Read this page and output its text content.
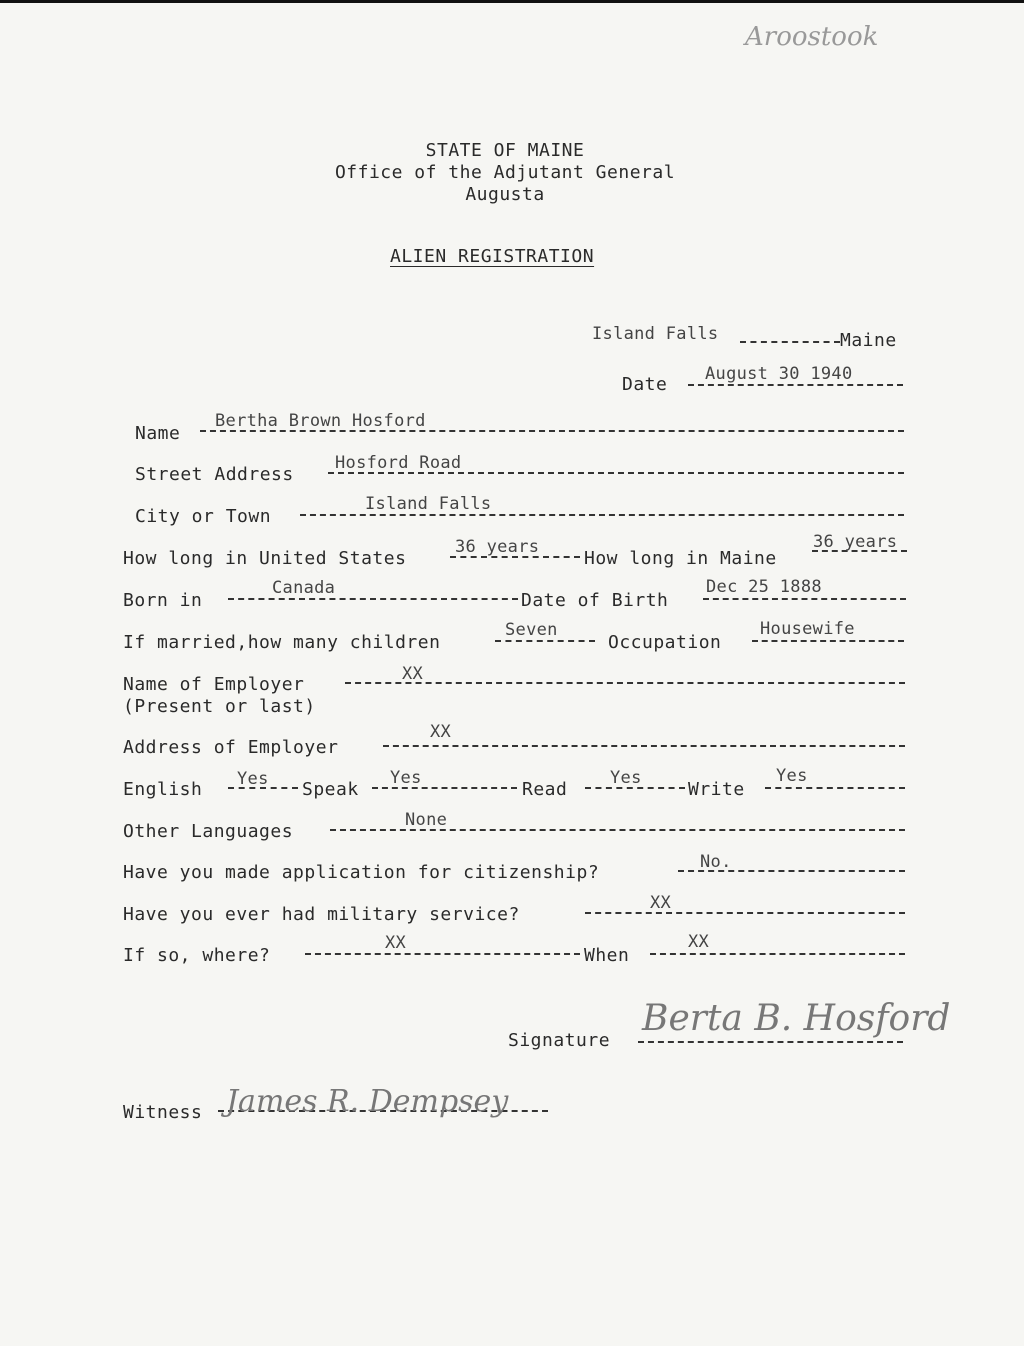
Aroostook
STATE OF MAINE
Office of the Adjutant General
Augusta
ALIEN REGISTRATION
Island Falls	Maine
Date August 30 1940
Name
Bertha Brown Hosford
Street Address
Hosford Road
City or Town
Island Falls
How long in United States
36 years
How long in Maine
36 years
Born in
Canada
Date of Birth
Dec 25 1888
If married,how many children
Seven
Occupation
Housewife
Name of Employer
(Present or last)
XX
Address of Employer
XX
English Yes Speak
Yes
Read
Yes
Write
Yes
Other Languages
None
Have you made application for citizenship?	No.
Have you ever had military service?
XX
If so, where?
XX
When
XX
Signature
Berta B. Hosford
Witness James R. Dempsey
